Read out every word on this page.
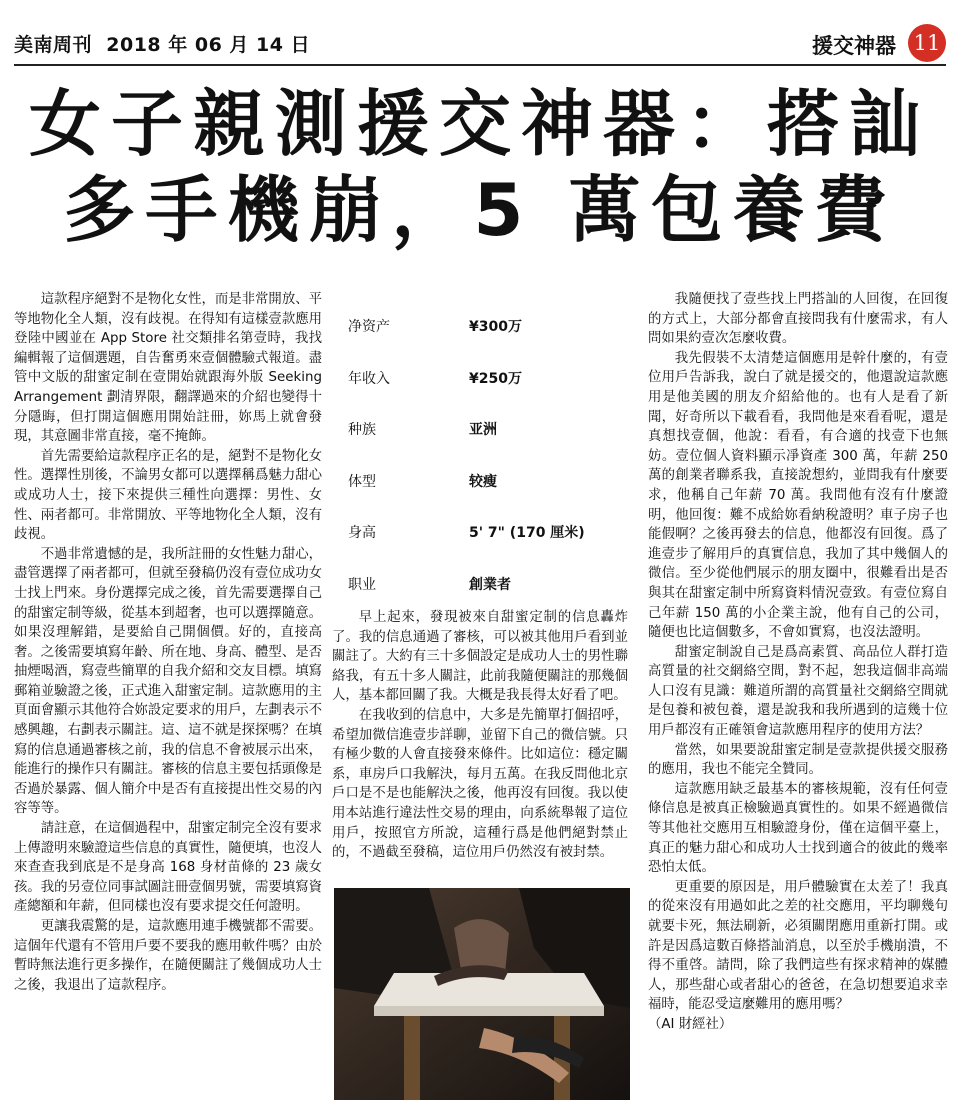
美南周刊 2018 年 06 月 14 日	援交神器 11
女子親測援交神器：搭訕
多手機崩，5 萬包養費

這款程序絕對不是物化女性，而是非常開放、平等地物化全人類，沒有歧視。在得知有這樣壹款應用登陸中國並在 App Store 社交類排名第壹時，我找編輯報了這個選題，自告奮勇來壹個體驗式報道。盡管中文版的甜蜜定制在壹開始就跟海外版 Seeking Arrangement 劃清界限，翻譯過來的介紹也變得十分隱晦，但打開這個應用開始註冊，妳馬上就會發現，其意圖非常直接，毫不掩飾。

首先需要給這款程序正名的是，絕對不是物化女性。選擇性別後，不論男女都可以選擇稱爲魅力甜心或成功人士，接下來提供三種性向選擇：男性、女性、兩者都可。非常開放、平等地物化全人類，沒有歧視。

不過非常遺憾的是，我所註冊的女性魅力甜心，盡管選擇了兩者都可，但就至發稿仍沒有壹位成功女士找上門來。身份選擇完成之後，首先需要選擇自己的甜蜜定制等級，從基本到超奢，也可以選擇隨意。如果沒理解錯，是要給自己開個價。好的，直接高奢。之後需要填寫年齡、所在地、身高、體型、是否抽煙喝酒，寫壹些簡單的自我介紹和交友目標。填寫郵箱並驗證之後，正式進入甜蜜定制。這款應用的主頁面會顯示其他符合妳設定要求的用戶，左劃表示不感興趣，右劃表示關註。這、這不就是探探嗎？在填寫的信息通過審核之前，我的信息不會被展示出來，能進行的操作只有關註。審核的信息主要包括頭像是否過於暴露、個人簡介中是否有直接提出性交易的內容等等。

請註意，在這個過程中，甜蜜定制完全沒有要求上傳證明來驗證這些信息的真實性，隨便填，也沒人來查查我到底是不是身高 168 身材苗條的 23 歲女孩。我的另壹位同事試圖註冊壹個男號，需要填寫資產總額和年薪，但同樣也沒有要求提交任何證明。

更讓我震驚的是，這款應用連手機號都不需要。這個年代還有不管用戶要不要我的應用軟件嗎？由於暫時無法進行更多操作，在隨便關註了幾個成功人士之後，我退出了這款程序。

净资产	¥300万
年收入	¥250万
种族	亚洲
体型	较瘦
身高	5' 7" (170 厘米)
职业	創業者

早上起來，發現被來自甜蜜定制的信息轟炸了。我的信息通過了審核，可以被其他用戶看到並關註了。大約有三十多個設定是成功人士的男性聯絡我，有五十多人關註，此前我隨便關註的那幾個人，基本都回關了我。大概是我長得太好看了吧。

在我收到的信息中，大多是先簡單打個招呼，希望加微信進壹步詳聊，並留下自己的微信號。只有極少數的人會直接發來條件。比如這位：穩定關系，車房戶口我解決，每月五萬。在我反問他北京戶口是不是也能解決之後，他再沒有回復。我以使用本站進行違法性交易的理由，向系統舉報了這位用戶，按照官方所說，這種行爲是他們絕對禁止的，不過截至發稿，這位用戶仍然沒有被封禁。

我隨便找了壹些找上門搭訕的人回復，在回復的方式上，大部分都會直接問我有什麼需求，有人問如果約壹次怎麼收費。

我先假裝不太清楚這個應用是幹什麼的，有壹位用戶告訴我，說白了就是援交的，他還說這款應用是他美國的朋友介紹給他的。也有人是看了新聞，好奇所以下載看看，我問他是來看看呢，還是真想找壹個，他說：看看，有合適的找壹下也無妨。壹位個人資料顯示凈資產 300 萬，年薪 250 萬的創業者聯系我，直接說想約，並問我有什麼要求，他稱自己年薪 70 萬。我問他有沒有什麼證明，他回復：難不成給妳看納稅證明？車子房子也能假啊？之後再發去的信息，他都沒有回復。爲了進壹步了解用戶的真實信息，我加了其中幾個人的微信。至少從他們展示的朋友圈中，很難看出是否與其在甜蜜定制中所寫資料情況壹致。有壹位寫自己年薪 150 萬的小企業主說，他有自己的公司，隨便也比這個數多，不會如實寫，也沒法證明。

甜蜜定制說自己是爲高素質、高品位人群打造高質量的社交網絡空間，對不起，恕我這個非高端人口沒有見識：難道所謂的高質量社交網絡空間就是包養和被包養，還是說我和我所遇到的這幾十位用戶都沒有正確領會這款應用程序的使用方法？

當然，如果要說甜蜜定制是壹款提供援交服務的應用，我也不能完全贊同。

這款應用缺乏最基本的審核規範，沒有任何壹條信息是被真正檢驗過真實性的。如果不經過微信等其他社交應用互相驗證身份，僅在這個平臺上，真正的魅力甜心和成功人士找到適合的彼此的幾率恐怕太低。

更重要的原因是，用戶體驗實在太差了！我真的從來沒有用過如此之差的社交應用，平均聊幾句就要卡死，無法刷新，必須關閉應用重新打開。或許是因爲這數百條搭訕消息，以至於手機崩潰，不得不重啓。請問，除了我們這些有探求精神的媒體人，那些甜心或者甜心的爸爸，在急切想要追求幸福時，能忍受這麼難用的應用嗎？

（AI 財經社）
